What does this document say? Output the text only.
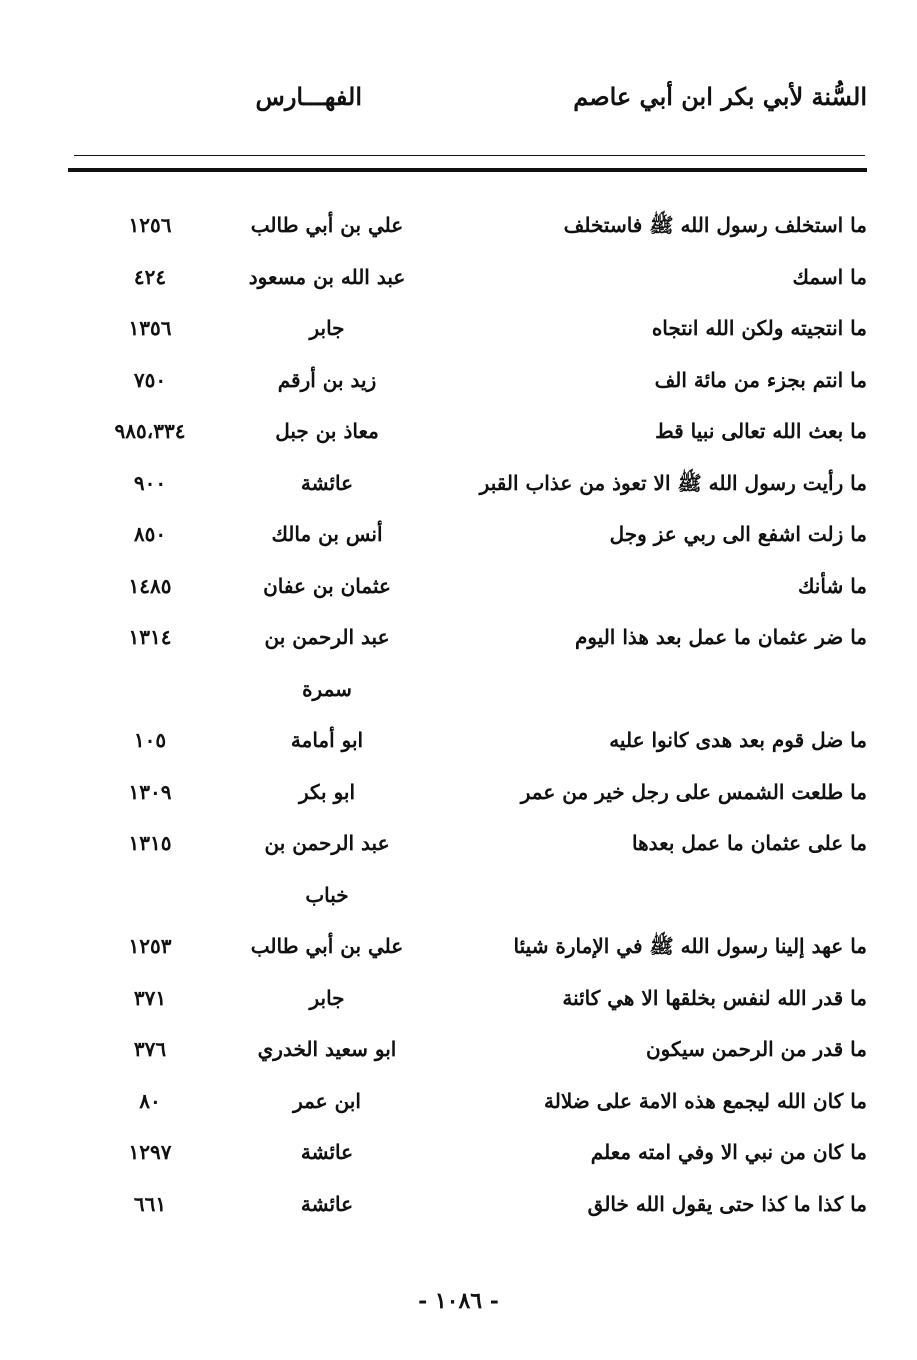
السُّنة لأبي بكر ابن أبي عاصم
الفهـــارس
ما استخلف رسول الله ﷺ فاستخلف
علي بن أبي طالب
١٢٥٦
ما اسمك
عبد الله بن مسعود
٤٢٤
ما انتجيته ولكن الله انتجاه
جابر
١٣٥٦
ما انتم بجزء من مائة الف
زيد بن أرقم
٧٥٠
ما بعث الله تعالى نبيا قط
معاذ بن جبل
٩٨٥،٣٣٤
ما رأيت رسول الله ﷺ الا تعوذ من عذاب القبر
عائشة
٩٠٠
ما زلت اشفع الى ربي عز وجل
أنس بن مالك
٨٥٠
ما شأنك
عثمان بن عفان
١٤٨٥
ما ضر عثمان ما عمل بعد هذا اليوم
عبد الرحمن بن
١٣١٤
سمرة
ما ضل قوم بعد هدى كانوا عليه
ابو أمامة
١٠٥
ما طلعت الشمس على رجل خير من عمر
ابو بكر
١٣٠٩
ما على عثمان ما عمل بعدها
عبد الرحمن بن
١٣١٥
خباب
ما عهد إلينا رسول الله ﷺ في الإمارة شيئا
علي بن أبي طالب
١٢٥٣
ما قدر الله لنفس بخلقها الا هي كائنة
جابر
٣٧١
ما قدر من الرحمن سيكون
ابو سعيد الخدري
٣٧٦
ما كان الله ليجمع هذه الامة على ضلالة
ابن عمر
٨٠
ما كان من نبي الا وفي امته معلم
عائشة
١٢٩٧
ما كذا ما كذا حتى يقول الله خالق
عائشة
٦٦١
- ١٠٨٦ -
